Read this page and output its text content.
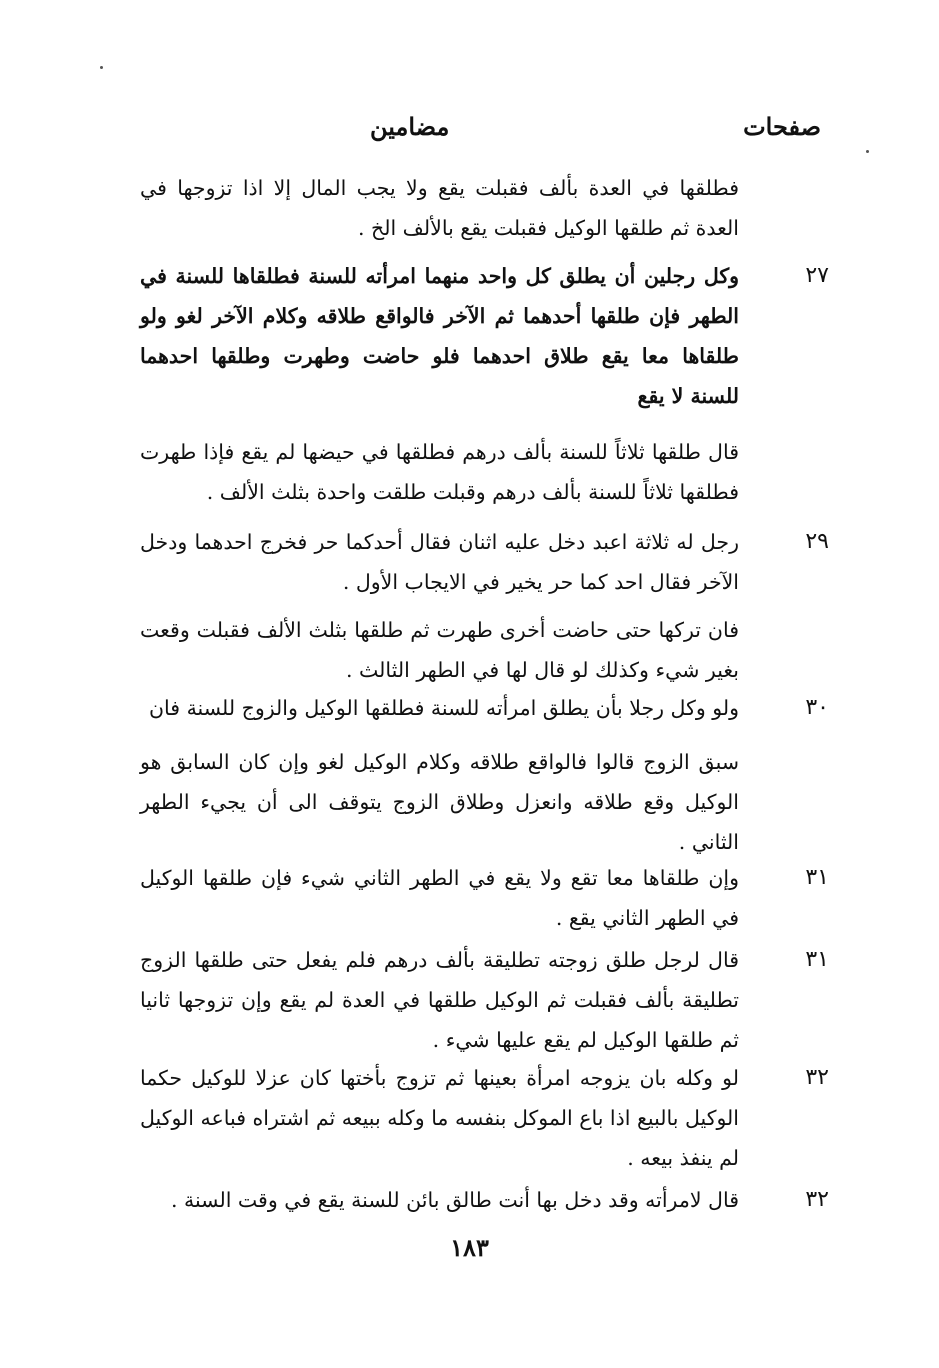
صفحات
مضامين
فطلقها في العدة بألف فقبلت يقع ولا يجب المال إلا اذا تزوجها في العدة ثم طلقها الوكيل فقبلت يقع بالألف الخ .
٢٧
وكل رجلين أن يطلق كل واحد منهما امرأته للسنة فطلقاها للسنة في الطهر فإن طلقها أحدهما ثم الآخر فالواقع طلاقه وكلام الآخر لغو ولو طلقاها معا يقع طلاق احدهما فلو حاضت وطهرت وطلقها احدهما للسنة لا يقع
قال طلقها ثلاثاً للسنة بألف درهم فطلقها في حيضها لم يقع فإذا طهرت فطلقها ثلاثاً للسنة بألف درهم وقبلت طلقت واحدة بثلث الألف .
٢٩
رجل له ثلاثة اعبد دخل عليه اثنان فقال أحدكما حر فخرج احدهما ودخل الآخر فقال احد كما حر يخير في الايجاب الأول .
فان تركها حتى حاضت أخرى طهرت ثم طلقها بثلث الألف فقبلت وقعت بغير شيء وكذلك لو قال لها في الطهر الثالث .
٣٠
ولو وكل رجلا بأن يطلق امرأته للسنة فطلقها الوكيل والزوج للسنة فان
سبق الزوج قالوا فالواقع طلاقه وكلام الوكيل لغو وإن كان السابق هو الوكيل وقع طلاقه وانعزل وطلاق الزوج يتوقف الى أن يجيء الطهر الثاني .
٣١
وإن طلقاها معا تقع ولا يقع في الطهر الثاني شيء فإن طلقها الوكيل في الطهر الثاني يقع .
٣١
قال لرجل طلق زوجته تطليقة بألف درهم فلم يفعل حتى طلقها الزوج تطليقة بألف فقبلت ثم الوكيل طلقها في العدة لم يقع وإن تزوجها ثانيا ثم طلقها الوكيل لم يقع عليها شيء .
٣٢
لو وكله بان يزوجه امرأة بعينها ثم تزوج بأختها كان عزلا للوكيل حكما الوكيل بالبيع اذا باع الموكل بنفسه ما وكله ببيعه ثم اشتراه فباعه الوكيل لم ينفذ بيعه .
٣٢
قال لامرأته وقد دخل بها أنت طالق بائن للسنة يقع في وقت السنة .
١٨٣
